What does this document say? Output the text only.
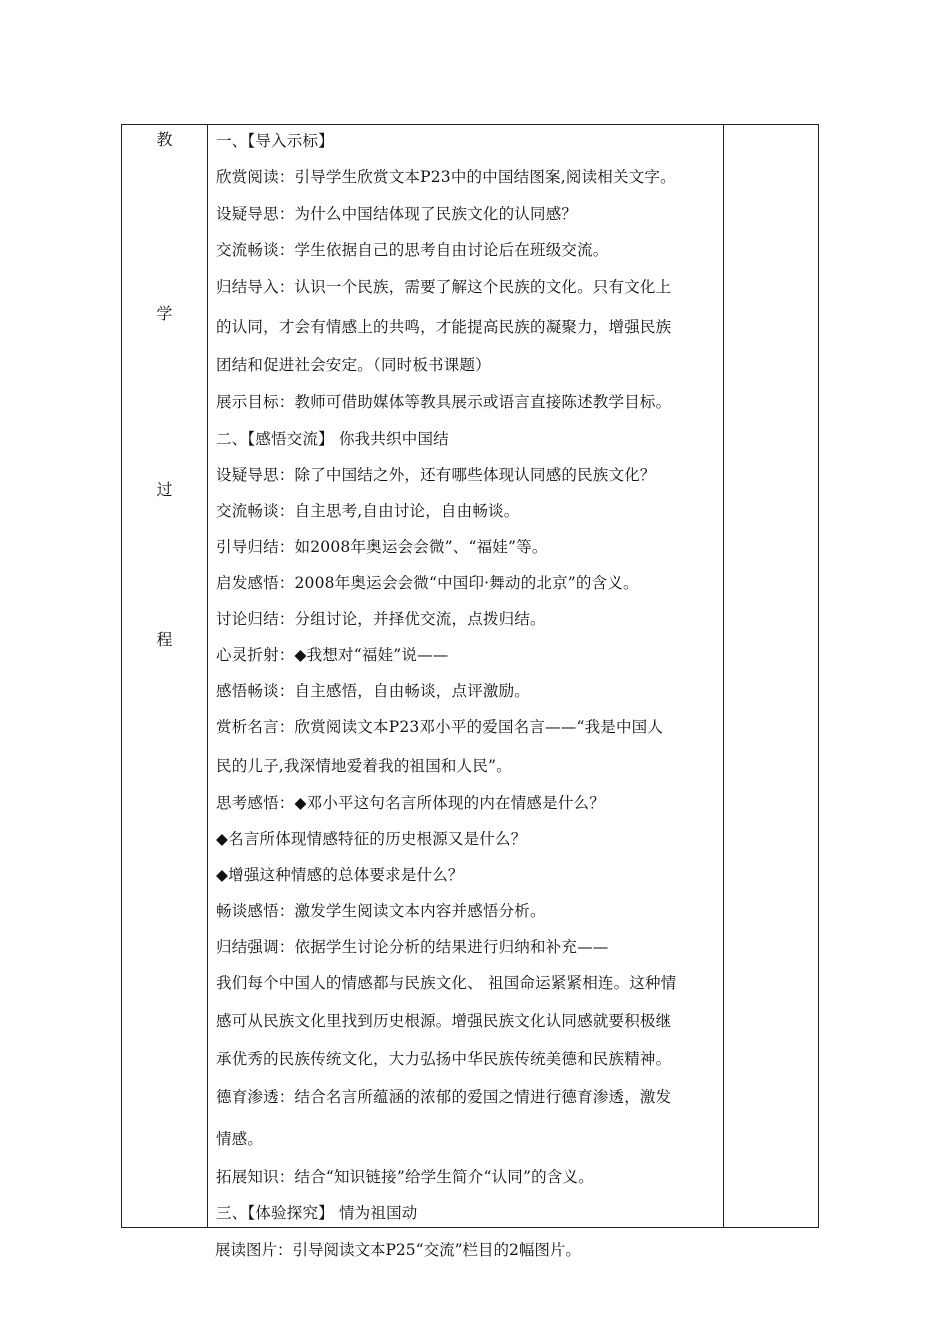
教
学
过
程
一、【导入示标】
欣赏阅读：引导学生欣赏文本P23中的中国结图案,阅读相关文字。
设疑导思：为什么中国结体现了民族文化的认同感？
交流畅谈：学生依据自己的思考自由讨论后在班级交流。
归结导入：认识一个民族，需要了解这个民族的文化。只有文化上
的认同，才会有情感上的共鸣，才能提高民族的凝聚力，增强民族
团结和促进社会安定。（同时板书课题）
展示目标：教师可借助媒体等教具展示或语言直接陈述教学目标。
二、【感悟交流】 你我共织中国结
设疑导思：除了中国结之外，还有哪些体现认同感的民族文化？
交流畅谈：自主思考,自由讨论，自由畅谈。
引导归结：如2008年奥运会会微”、“福娃”等。
启发感悟：2008年奥运会会微“中国印·舞动的北京”的含义。
讨论归结：分组讨论，并择优交流，点拨归结。
心灵折射：◆我想对“福娃”说——
感悟畅谈：自主感悟，自由畅谈，点评激励。
赏析名言：欣赏阅读文本P23邓小平的爱国名言——“我是中国人
民的儿子,我深情地爱着我的祖国和人民”。
思考感悟：◆邓小平这句名言所体现的内在情感是什么？
◆名言所体现情感特征的历史根源又是什么？
◆增强这种情感的总体要求是什么？
畅谈感悟：激发学生阅读文本内容并感悟分析。
归结强调：依据学生讨论分析的结果进行归纳和补充——
我们每个中国人的情感都与民族文化、 祖国命运紧紧相连。这种情
感可从民族文化里找到历史根源。增强民族文化认同感就要积极继
承优秀的民族传统文化，大力弘扬中华民族传统美德和民族精神。
德育渗透：结合名言所蕴涵的浓郁的爱国之情进行德育渗透，激发
情感。
拓展知识：结合“知识链接”给学生简介“认同”的含义。
三、【体验探究】 情为祖国动
展读图片：引导阅读文本P25“交流”栏目的2幅图片。
